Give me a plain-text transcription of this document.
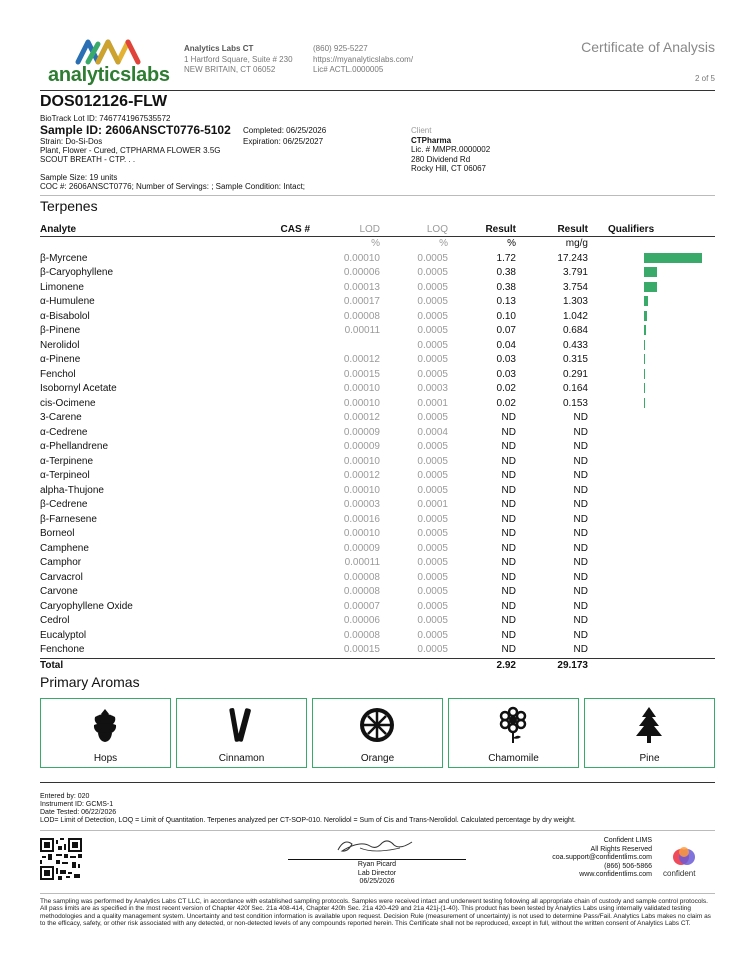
analyticslabs
Analytics Labs CT
1 Hartford Square, Suite # 230
NEW BRITAIN, CT 06052
(860) 925-5227
https://myanalyticslabs.com/
Lic# ACTL.0000005
Certificate of Analysis
2 of 5
DOS012126-FLW
BioTrack Lot ID: 7467741967535572
Sample ID: 2606ANSCT0776-5102
Strain: Do-Si-Dos
Plant, Flower - Cured, CTPHARMA FLOWER 3.5G
SCOUT BREATH - CTP. . .
Completed: 06/25/2026
Expiration: 06/25/2027
Sample Size: 19 units
COC #: 2606ANSCT0776; Number of Servings: ; Sample Condition: Intact;
Client
CTPharma
Lic. # MMPR.0000002
280 Dividend Rd
Rocky Hill, CT 06067
Terpenes
Analyte	CAS #	LOD	LOQ	Result	Result	Qualifiers
		%	%	%	mg/g	
β-Myrcene		0.00010	0.0005	1.72	17.243	
β-Caryophyllene		0.00006	0.0005	0.38	3.791	
Limonene		0.00013	0.0005	0.38	3.754	
α-Humulene		0.00017	0.0005	0.13	1.303	
α-Bisabolol		0.00008	0.0005	0.10	1.042	
β-Pinene		0.00011	0.0005	0.07	0.684	
Nerolidol			0.0005	0.04	0.433	
α-Pinene		0.00012	0.0005	0.03	0.315	
Fenchol		0.00015	0.0005	0.03	0.291	
Isobornyl Acetate		0.00010	0.0003	0.02	0.164	
cis-Ocimene		0.00010	0.0001	0.02	0.153	
3-Carene		0.00012	0.0005	ND	ND	
α-Cedrene		0.00009	0.0004	ND	ND	
α-Phellandrene		0.00009	0.0005	ND	ND	
α-Terpinene		0.00010	0.0005	ND	ND	
α-Terpineol		0.00012	0.0005	ND	ND	
alpha-Thujone		0.00010	0.0005	ND	ND	
β-Cedrene		0.00003	0.0001	ND	ND	
β-Farnesene		0.00016	0.0005	ND	ND	
Borneol		0.00010	0.0005	ND	ND	
Camphene		0.00009	0.0005	ND	ND	
Camphor		0.00011	0.0005	ND	ND	
Carvacrol		0.00008	0.0005	ND	ND	
Carvone		0.00008	0.0005	ND	ND	
Caryophyllene Oxide		0.00007	0.0005	ND	ND	
Cedrol		0.00006	0.0005	ND	ND	
Eucalyptol		0.00008	0.0005	ND	ND	
Fenchone		0.00015	0.0005	ND	ND	
Total				2.92	29.173	
Primary Aromas
Hops	Cinnamon	Orange	Chamomile	Pine
Entered by: 020
Instrument ID: GCMS-1
Date Tested: 06/22/2026
LOD= Limit of Detection, LOQ = Limit of Quantitation. Terpenes analyzed per CT-SOP-010. Nerolidol = Sum of Cis and Trans-Nerolidol. Calculated percentage by dry weight.
Ryan Picard
Lab Director
06/25/2026
Confident LIMS
All Rights Reserved
coa.support@confidentlims.com
(866) 506-5866
www.confidentlims.com confident
The sampling was performed by Analytics Labs CT LLC, in accordance with established sampling protocols. Samples were received intact and underwent testing following all appropriate chain of custody and sample control protocols. All pass limits are as specified in the most recent version of Chapter 420f Sec. 21a 408-414, Chapter 420h Sec. 21a 420-429 and 21a 421j-(1-40). This product has been tested by Analytics Labs using internally validated testing methodologies and a quality management system. Uncertainty and test condition information is available upon request. Decision Rule (measurement of uncertainty) is not used to determine Pass/Fail. Analytics Labs makes no claim as to the efficacy, safety, or other risk associated with any detected, or non-detected levels of any compounds reported herein. This Certificate shall not be reproduced, except in full, without the written consent of Analytics Labs CT.
